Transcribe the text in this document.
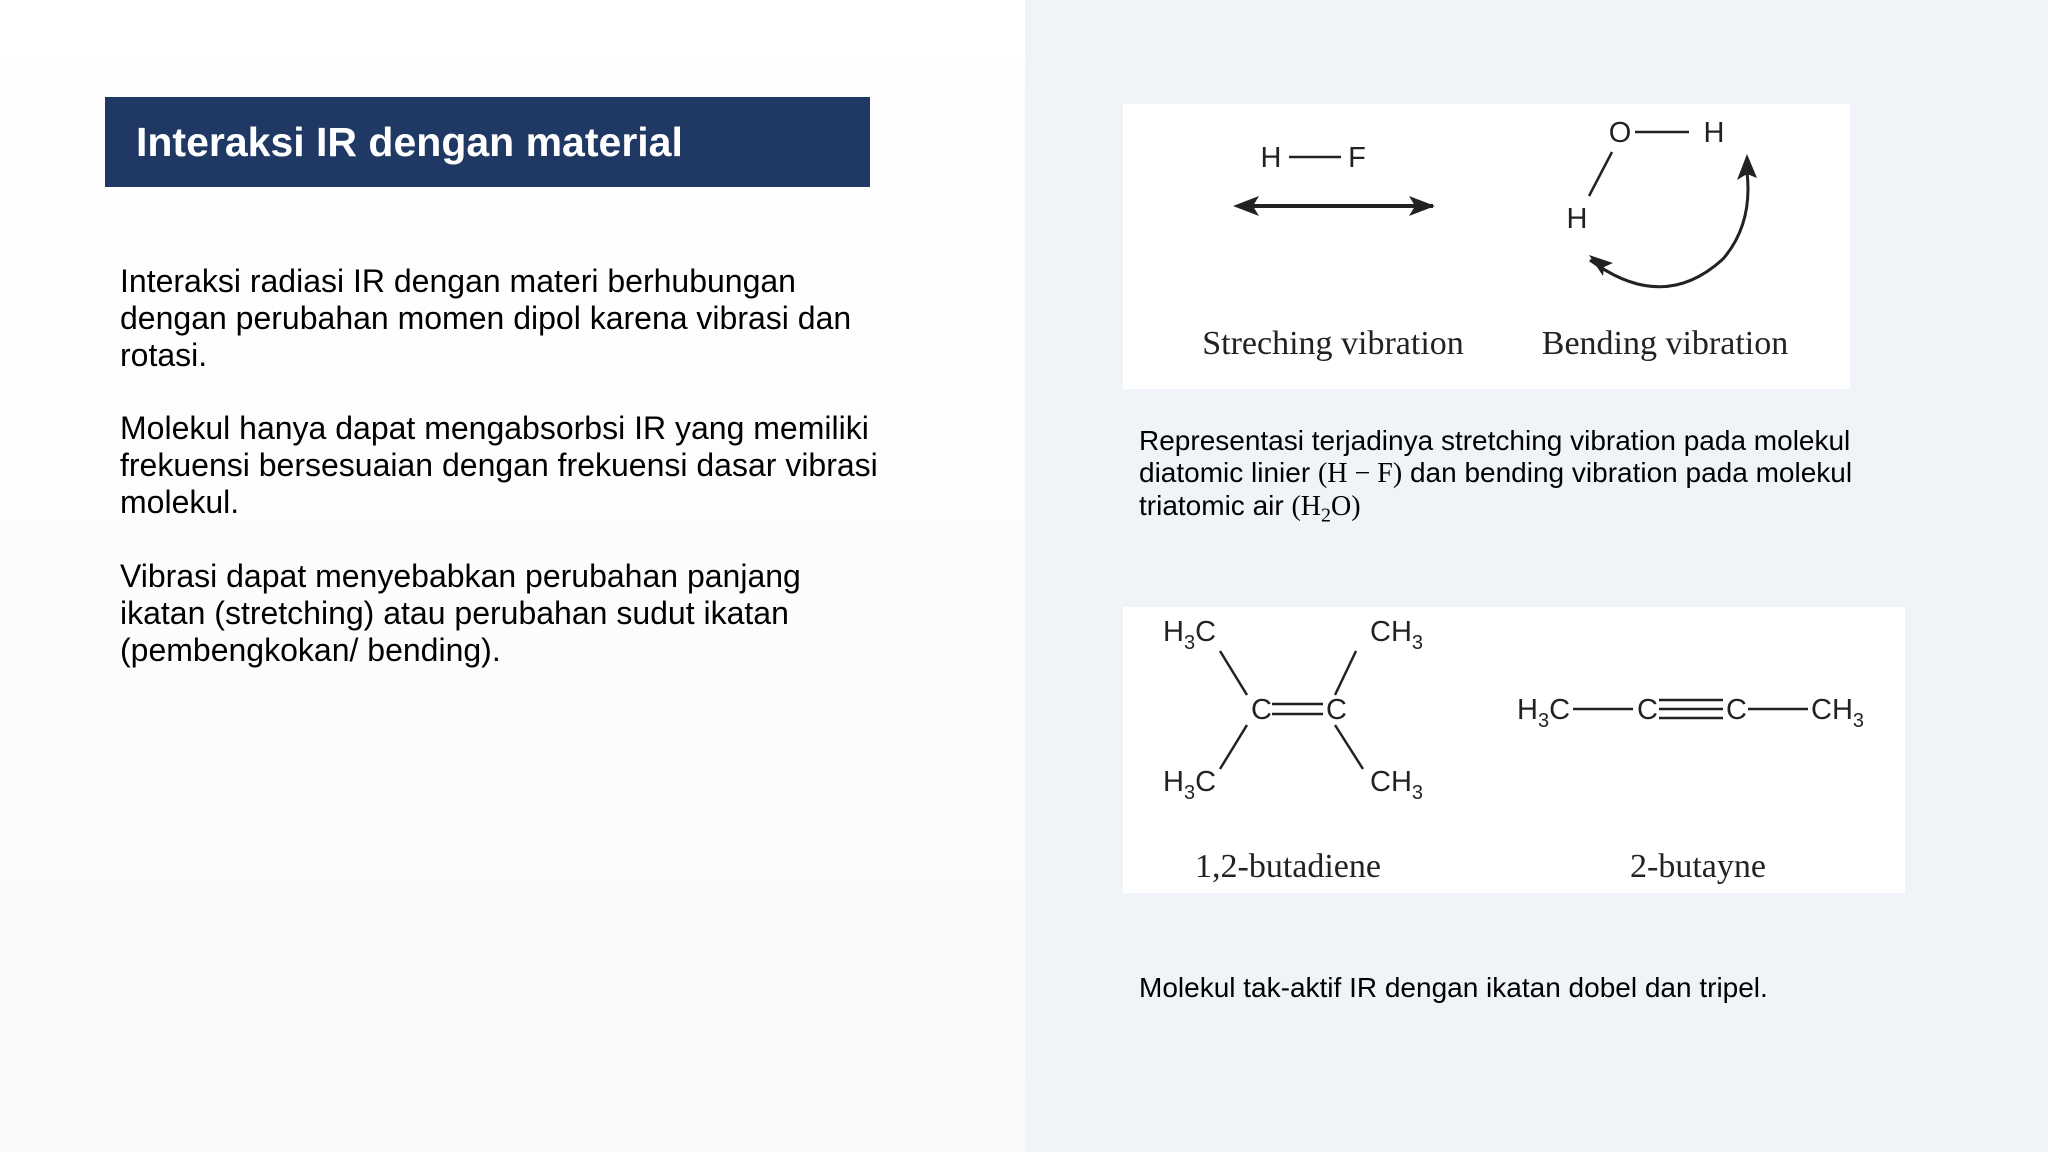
Interaksi IR dengan material

Interaksi radiasi IR dengan materi berhubungan dengan perubahan momen dipol karena vibrasi dan rotasi.

Molekul hanya dapat mengabsorbsi IR yang memiliki frekuensi bersesuaian dengan frekuensi dasar vibrasi molekul.

Vibrasi dapat menyebabkan perubahan panjang ikatan (stretching) atau perubahan sudut ikatan (pembengkokan/ bending).

H F
O H
H
Streching vibration Bending vibration

Representasi terjadinya stretching vibration pada molekul diatomic linier (H − F) dan bending vibration pada molekul triatomic air $(H_2O)$

$H_3C$	$CH_3$
$H_3C$	$CH_3$
C C	$H_3C$ C C $CH_3$
1,2-butadiene	2-butayne

Molekul tak-aktif IR dengan ikatan dobel dan tripel.
